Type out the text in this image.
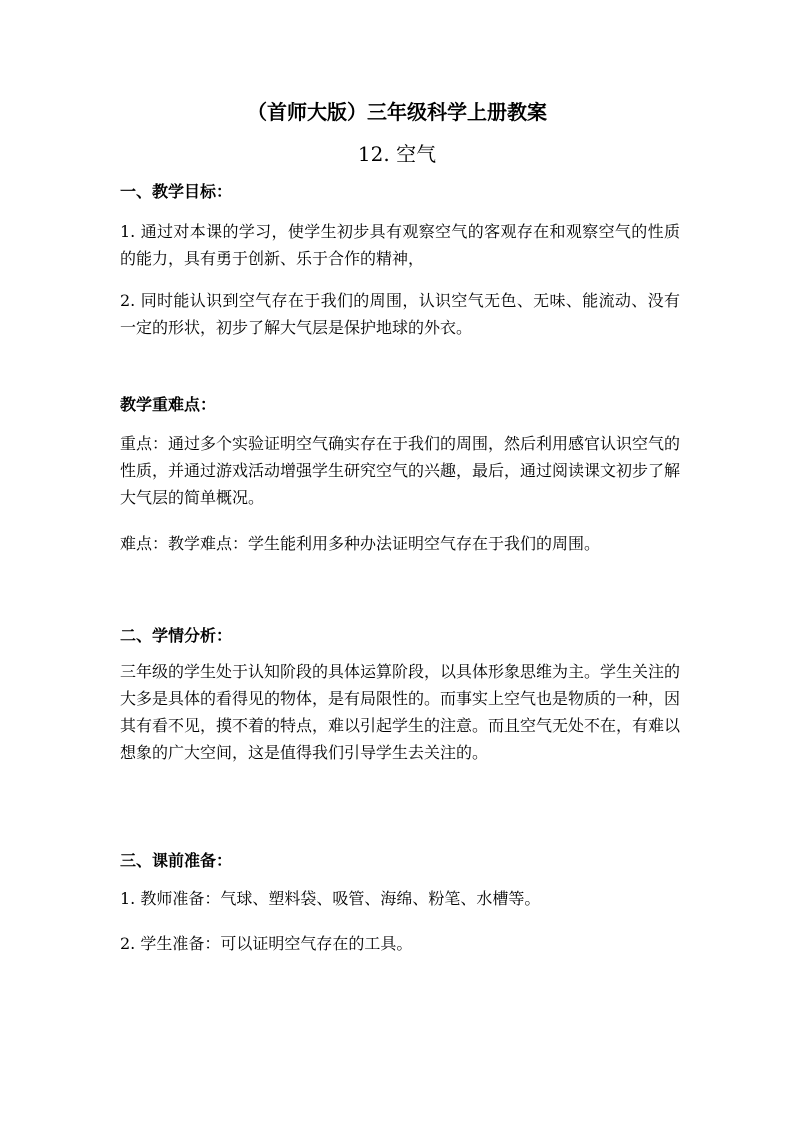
（首师大版）三年级科学上册教案
12. 空气
一、教学目标：
1. 通过对本课的学习，使学生初步具有观察空气的客观存在和观察空气的性质的能力，具有勇于创新、乐于合作的精神，
2. 同时能认识到空气存在于我们的周围，认识空气无色、无味、能流动、没有一定的形状，初步了解大气层是保护地球的外衣。
教学重难点：
重点：通过多个实验证明空气确实存在于我们的周围，然后利用感官认识空气的性质，并通过游戏活动增强学生研究空气的兴趣，最后，通过阅读课文初步了解大气层的简单概况。
难点：教学难点：学生能利用多种办法证明空气存在于我们的周围。
二、学情分析：
三年级的学生处于认知阶段的具体运算阶段，以具体形象思维为主。学生关注的大多是具体的看得见的物体，是有局限性的。而事实上空气也是物质的一种，因其有看不见，摸不着的特点，难以引起学生的注意。而且空气无处不在，有难以想象的广大空间，这是值得我们引导学生去关注的。
三、课前准备：
1. 教师准备：气球、塑料袋、吸管、海绵、粉笔、水槽等。
2. 学生准备：可以证明空气存在的工具。
